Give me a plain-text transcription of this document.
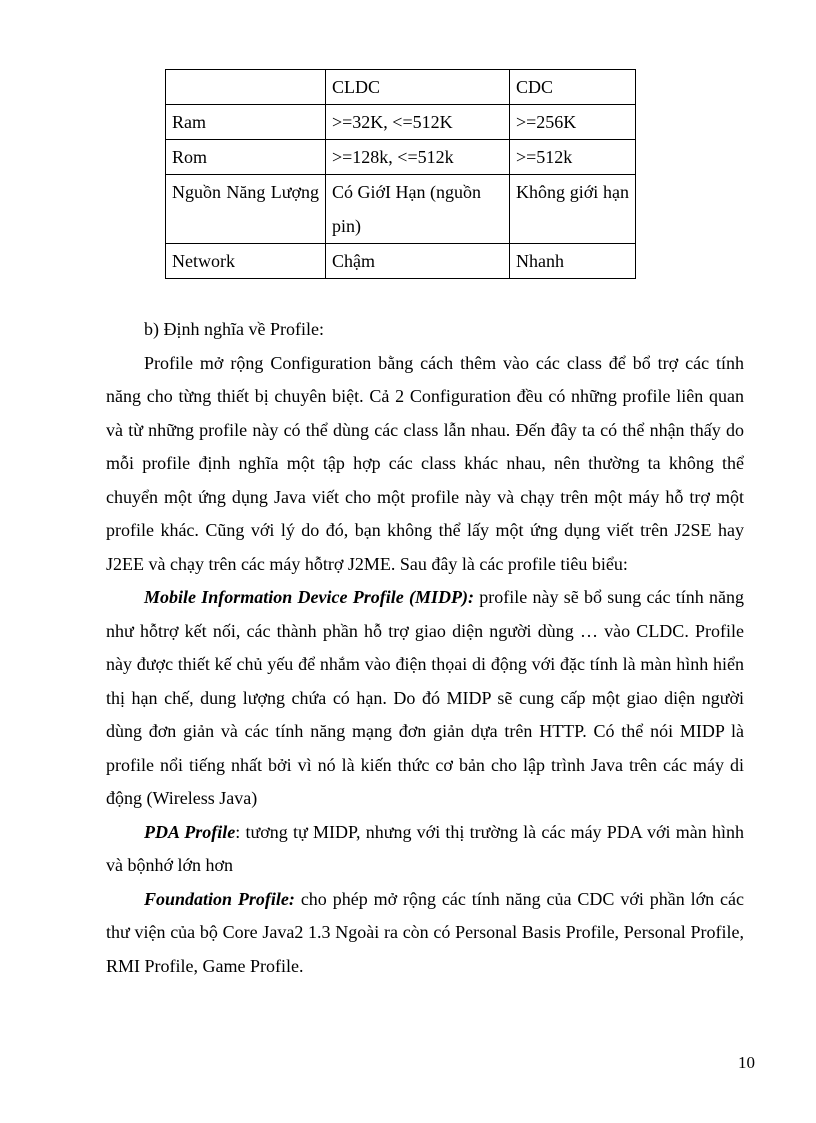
	CLDC	CDC
Ram	>=32K, <=512K	>=256K
Rom	>=128k, <=512k	>=512k
Nguồn Năng Lượng	Có GiớI Hạn (nguồn pin)	Không giới hạn
Network	Chậm	Nhanh

b) Định nghĩa về Profile:

Profile mở rộng Configuration bằng cách thêm vào các class để bổ trợ các tính năng cho từng thiết bị chuyên biệt. Cả 2 Configuration đều có những profile liên quan và từ những profile này có thể dùng các class lẫn nhau. Đến đây ta có thể nhận thấy do mỗi profile định nghĩa một tập hợp các class khác nhau, nên thường ta không thể chuyển một ứng dụng Java viết cho một profile này và chạy trên một máy hỗ trợ một profile khác. Cũng với lý do đó, bạn không thể lấy một ứng dụng viết trên J2SE hay J2EE và chạy trên các máy hỗtrợ J2ME. Sau đây là các profile tiêu biểu:

Mobile Information Device Profile (MIDP): profile này sẽ bổ sung các tính năng như hỗtrợ kết nối, các thành phần hỗ trợ giao diện người dùng … vào CLDC. Profile này được thiết kế chủ yếu để nhắm vào điện thọai di động với đặc tính là màn hình hiển thị hạn chế, dung lượng chứa có hạn. Do đó MIDP sẽ cung cấp một giao diện người dùng đơn giản và các tính năng mạng đơn giản dựa trên HTTP. Có thể nói MIDP là profile nổi tiếng nhất bởi vì nó là kiến thức cơ bản cho lập trình Java trên các máy di động (Wireless Java)

PDA Profile: tương tự MIDP, nhưng với thị trường là các máy PDA với màn hình và bộnhớ lớn hơn

Foundation Profile: cho phép mở rộng các tính năng của CDC với phần lớn các thư viện của bộ Core Java2 1.3 Ngoài ra còn có Personal Basis Profile, Personal Profile, RMI Profile, Game Profile.

10
